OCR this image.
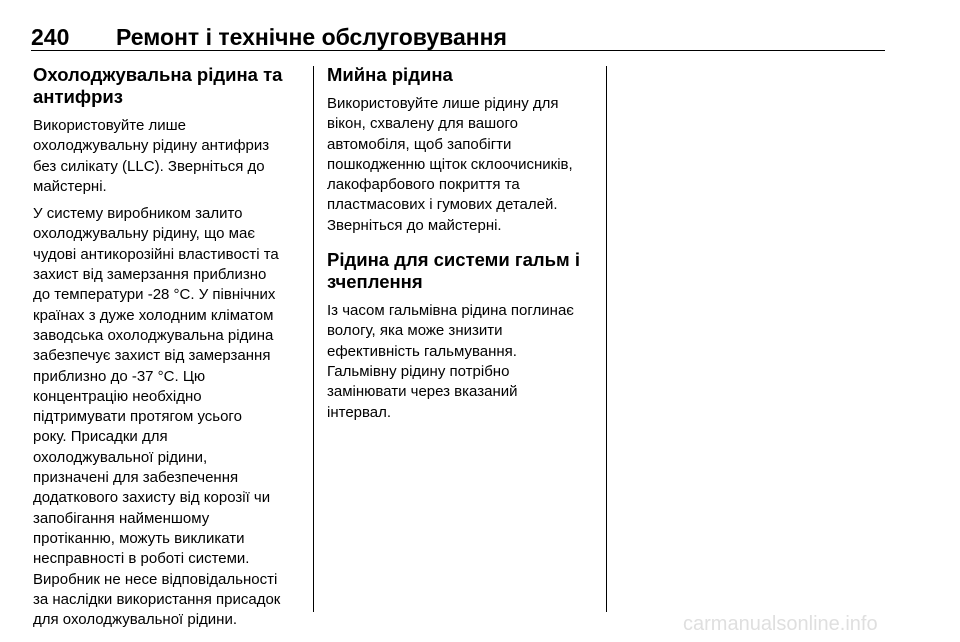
240 Ремонт і технічне обслуговування
Охолоджувальна рідина та
антифриз

Використовуйте лише
охолоджувальну рідину антифриз
без силікату (LLC). Зверніться до
майстерні.

У систему виробником залито
охолоджувальну рідину, що має
чудові антикорозійні властивості та
захист від замерзання приблизно
до температури -28 °C. У північних
країнах з дуже холодним кліматом
заводська охолоджувальна рідина
забезпечує захист від замерзання
приблизно до -37 °C. Цю
концентрацію необхідно
підтримувати протягом усього
року. Присадки для
охолоджувальної рідини,
призначені для забезпечення
додаткового захисту від корозії чи
запобігання найменшому
протіканню, можуть викликати
несправності в роботі системи.
Виробник не несе відповідальності
за наслідки використання присадок
для охолоджувальної рідини.

Мийна рідина

Використовуйте лише рідину для
вікон, схвалену для вашого
автомобіля, щоб запобігти
пошкодженню щіток склоочисників,
лакофарбового покриття та
пластмасових і гумових деталей.
Зверніться до майстерні.

Рідина для системи гальм і
зчеплення

Із часом гальмівна рідина поглинає
вологу, яка може знизити
ефективність гальмування.
Гальмівну рідину потрібно
замінювати через вказаний
інтервал.

carmanualsonline.info
